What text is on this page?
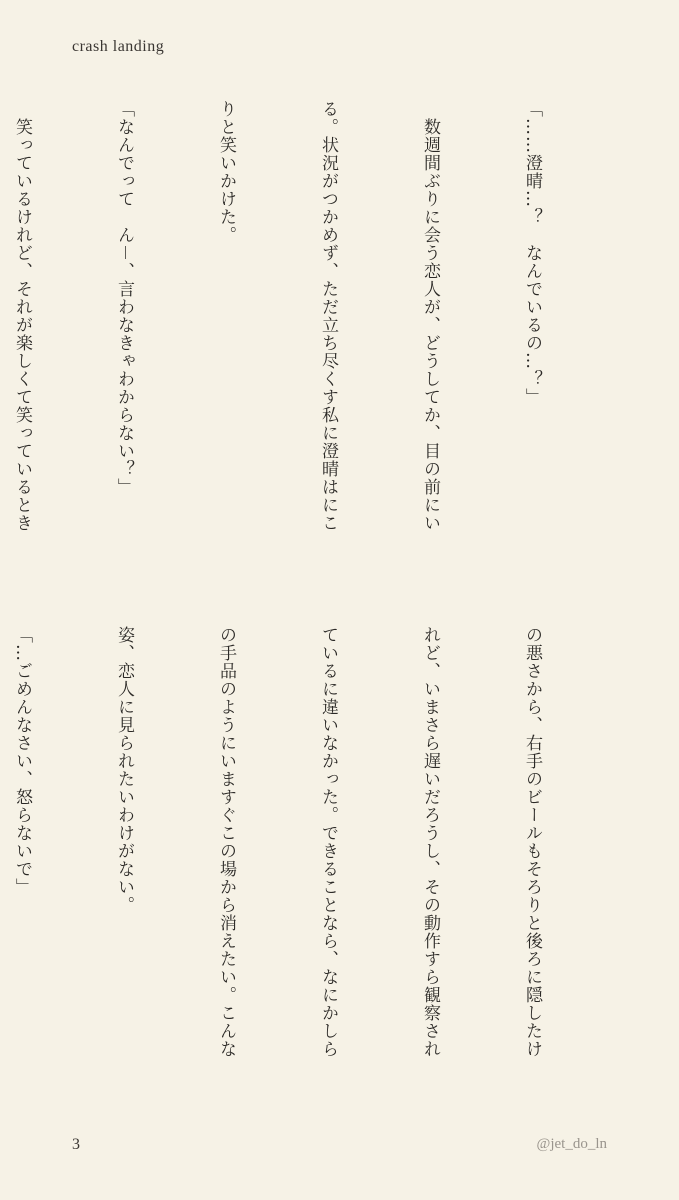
crash landing

「……澄晴…？　なんでいるの…？」

　数週間ぶりに会う恋人が、どうしてか、目の前にい

る。状況がつかめず、ただ立ち尽くす私に澄晴はにこ

りと笑いかけた。

「なんでって　ん－、言わなきゃわからない？」

　笑っているけれど、それが楽しくて笑っているとき

の悪さから、右手のビールもそろりと後ろに隠したけ

れど、いまさら遅いだろうし、その動作すら観察され

ているに違いなかった。できることなら、なにかしら

の手品のようにいますぐこの場から消えたい。こんな

姿、恋人に見られたいわけがない。

「…ごめんなさい、怒らないで」

3	@jet_do_ln
